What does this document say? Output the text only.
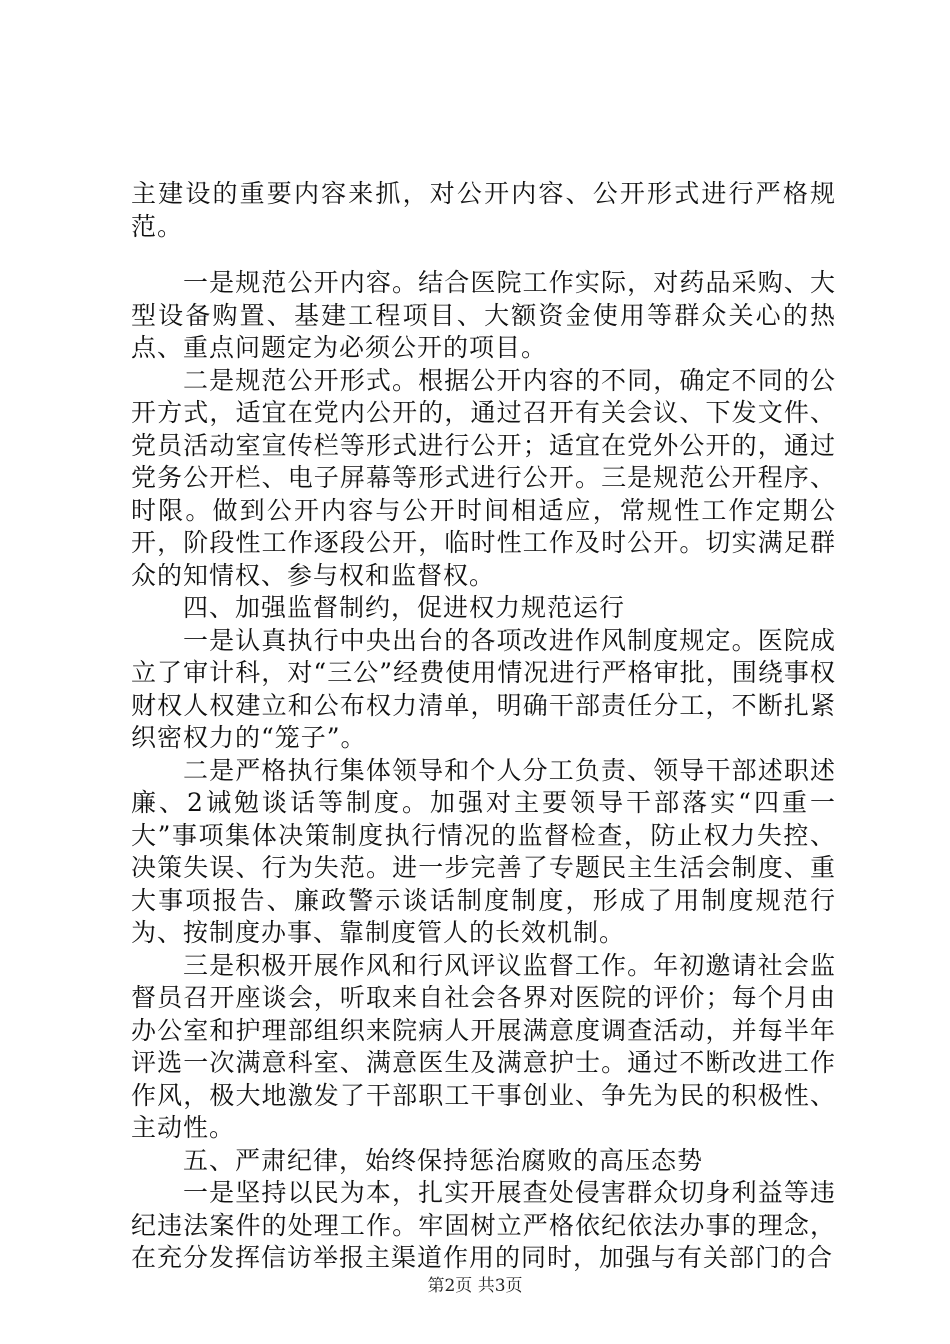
主建设的重要内容来抓，对公开内容、公开形式进行严格规范。

一是规范公开内容。结合医院工作实际，对药品采购、大型设备购置、基建工程项目、大额资金使用等群众关心的热点、重点问题定为必须公开的项目。

二是规范公开形式。根据公开内容的不同，确定不同的公开方式，适宜在党内公开的，通过召开有关会议、下发文件、党员活动室宣传栏等形式进行公开；适宜在党外公开的，通过党务公开栏、电子屏幕等形式进行公开。三是规范公开程序、时限。做到公开内容与公开时间相适应，常规性工作定期公开，阶段性工作逐段公开，临时性工作及时公开。切实满足群众的知情权、参与权和监督权。

四、加强监督制约，促进权力规范运行

一是认真执行中央出台的各项改进作风制度规定。医院成立了审计科，对“三公”经费使用情况进行严格审批，围绕事权财权人权建立和公布权力清单，明确干部责任分工，不断扎紧织密权力的“笼子”。

二是严格执行集体领导和个人分工负责、领导干部述职述廉、2诫勉谈话等制度。加强对主要领导干部落实“四重一大”事项集体决策制度执行情况的监督检查，防止权力失控、决策失误、行为失范。进一步完善了专题民主生活会制度、重大事项报告、廉政警示谈话制度制度，形成了用制度规范行为、按制度办事、靠制度管人的长效机制。

三是积极开展作风和行风评议监督工作。年初邀请社会监督员召开座谈会，听取来自社会各界对医院的评价；每个月由办公室和护理部组织来院病人开展满意度调查活动，并每半年评选一次满意科室、满意医生及满意护士。通过不断改进工作作风，极大地激发了干部职工干事创业、争先为民的积极性、主动性。

五、严肃纪律，始终保持惩治腐败的高压态势

一是坚持以民为本，扎实开展查处侵害群众切身利益等违纪违法案件的处理工作。牢固树立严格依纪依法办事的理念，在充分发挥信访举报主渠道作用的同时，加强与有关部门的合

第2页 共3页
